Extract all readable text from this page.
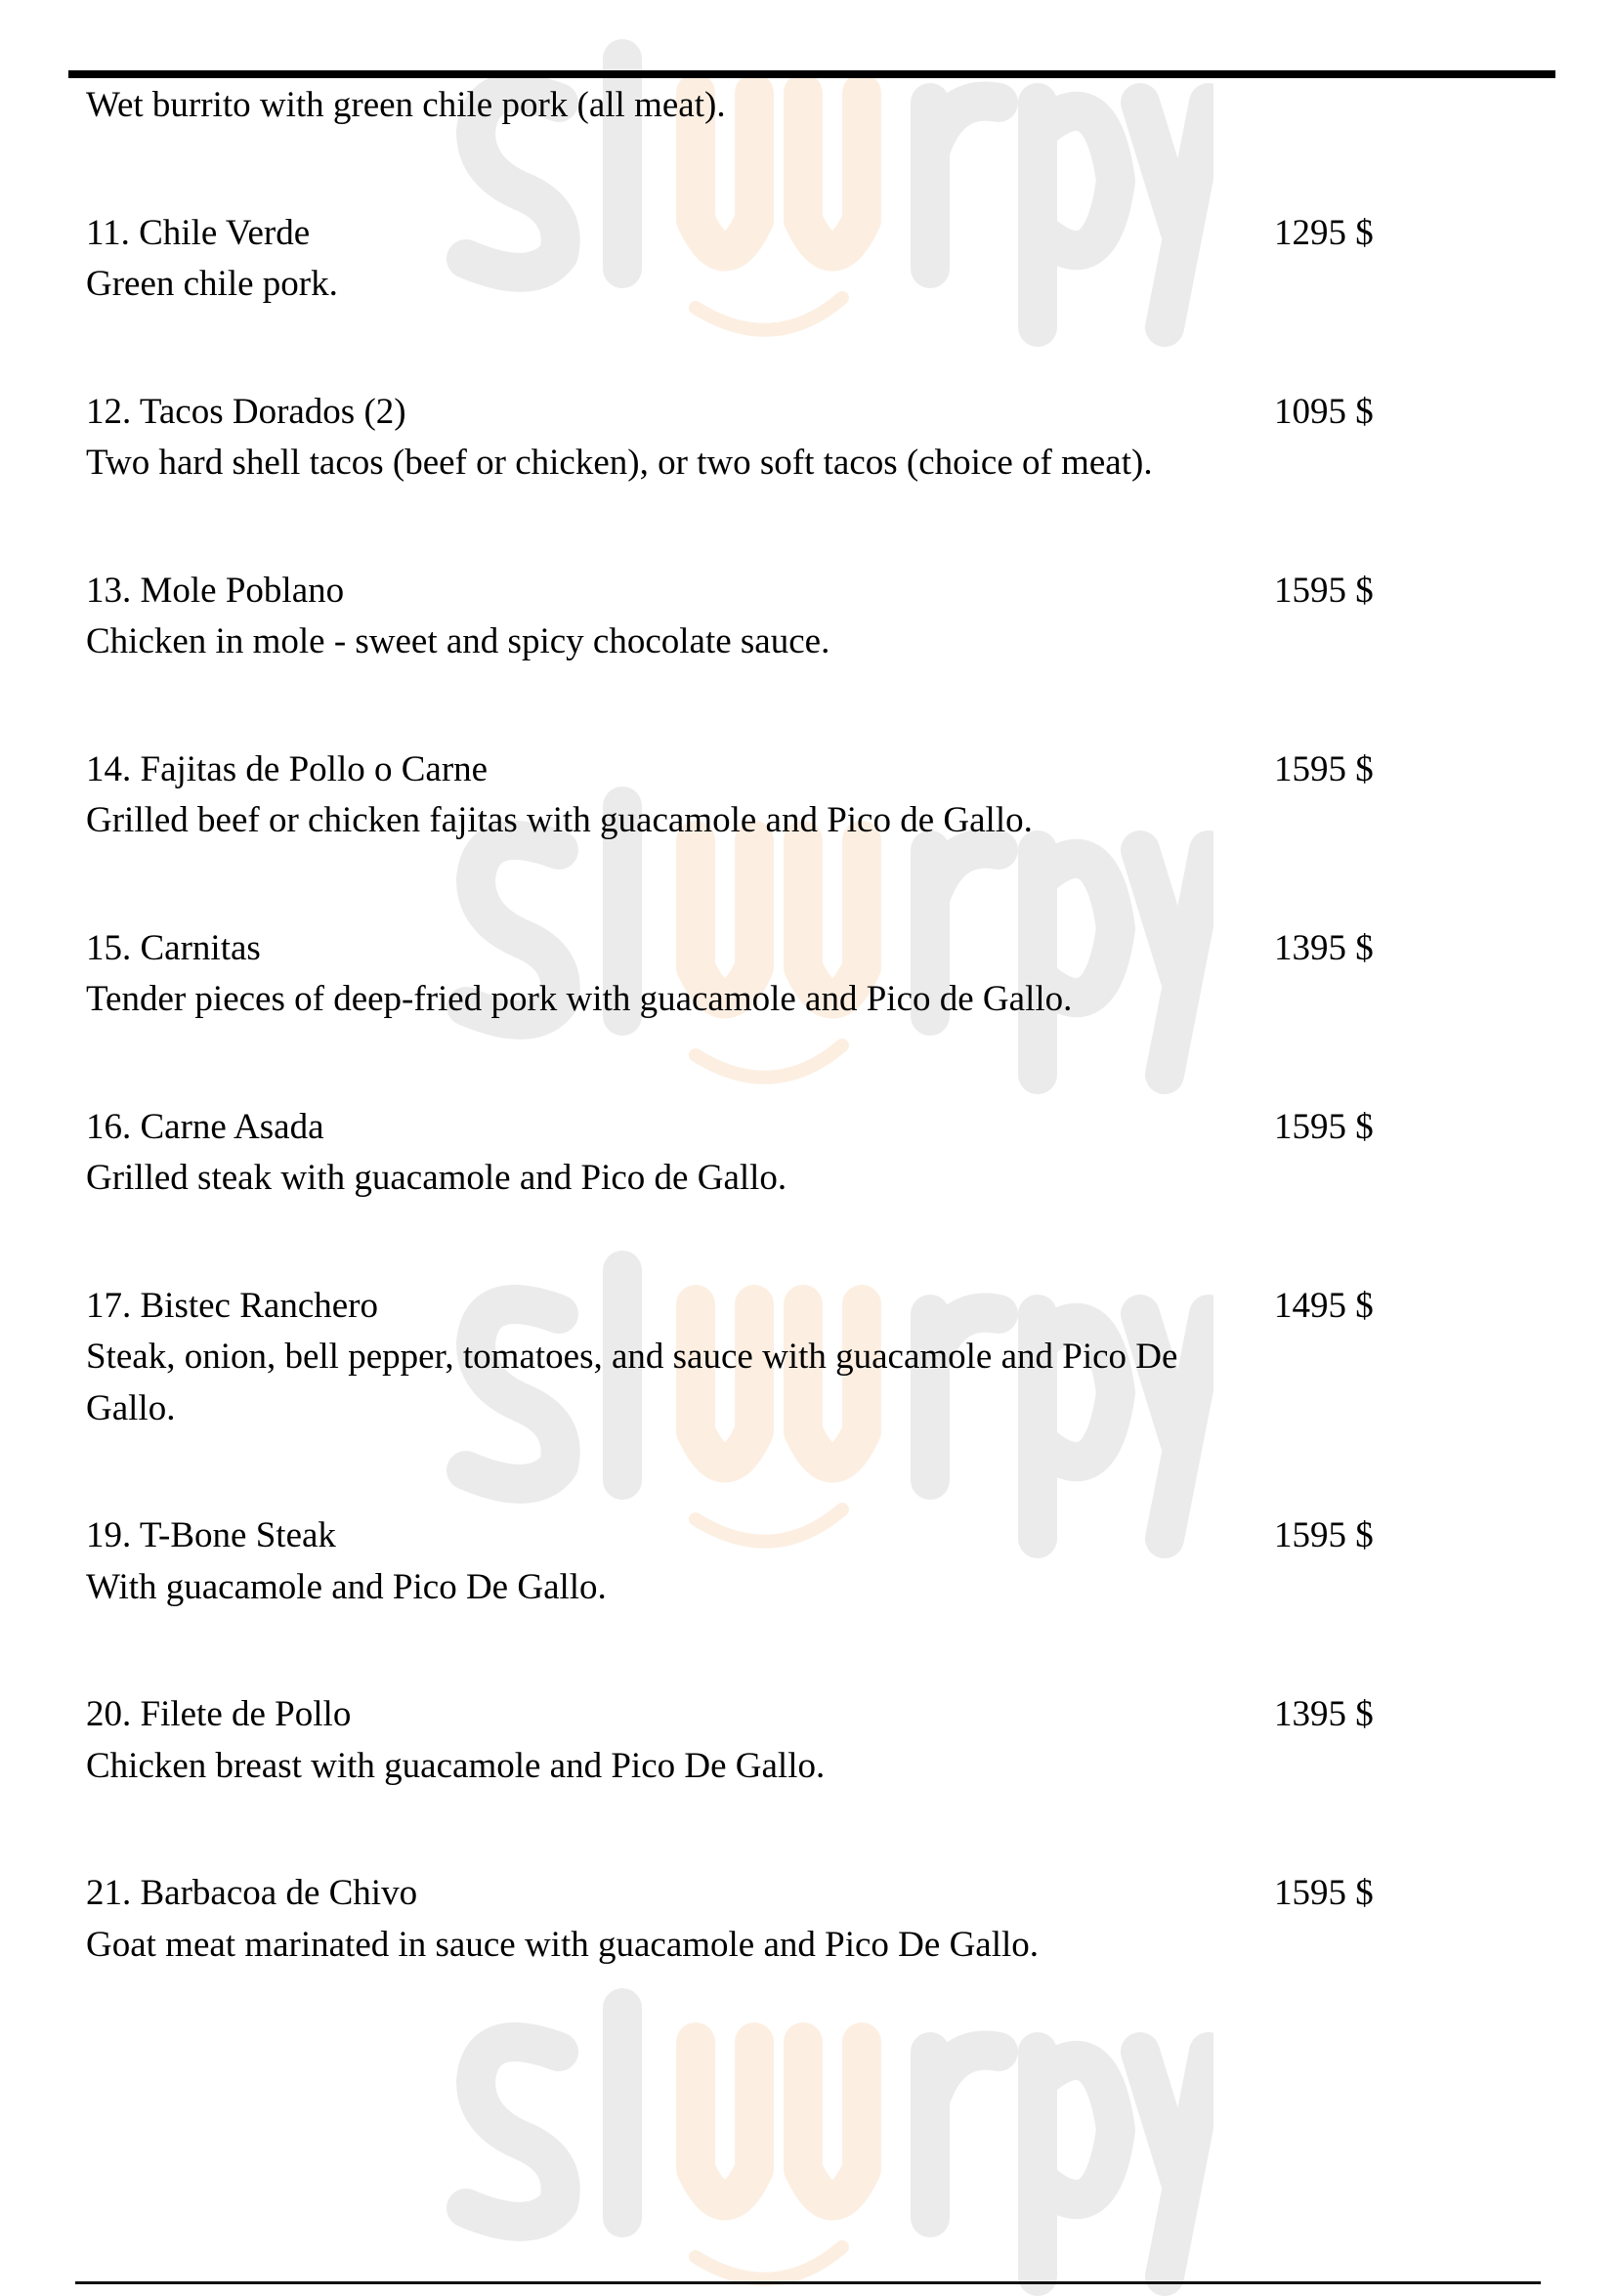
Wet burrito with green chile pork (all meat).
11. Chile Verde	1295 $
Green chile pork.
12. Tacos Dorados (2)	1095 $
Two hard shell tacos (beef or chicken), or two soft tacos (choice of meat).
13. Mole Poblano	1595 $
Chicken in mole - sweet and spicy chocolate sauce.
14. Fajitas de Pollo o Carne	1595 $
Grilled beef or chicken fajitas with guacamole and Pico de Gallo.
15. Carnitas	1395 $
Tender pieces of deep-fried pork with guacamole and Pico de Gallo.
16. Carne Asada	1595 $
Grilled steak with guacamole and Pico de Gallo.
17. Bistec Ranchero	1495 $
Steak, onion, bell pepper, tomatoes, and sauce with guacamole and Pico De Gallo.
19. T-Bone Steak	1595 $
With guacamole and Pico De Gallo.
20. Filete de Pollo	1395 $
Chicken breast with guacamole and Pico De Gallo.
21. Barbacoa de Chivo	1595 $
Goat meat marinated in sauce with guacamole and Pico De Gallo.
